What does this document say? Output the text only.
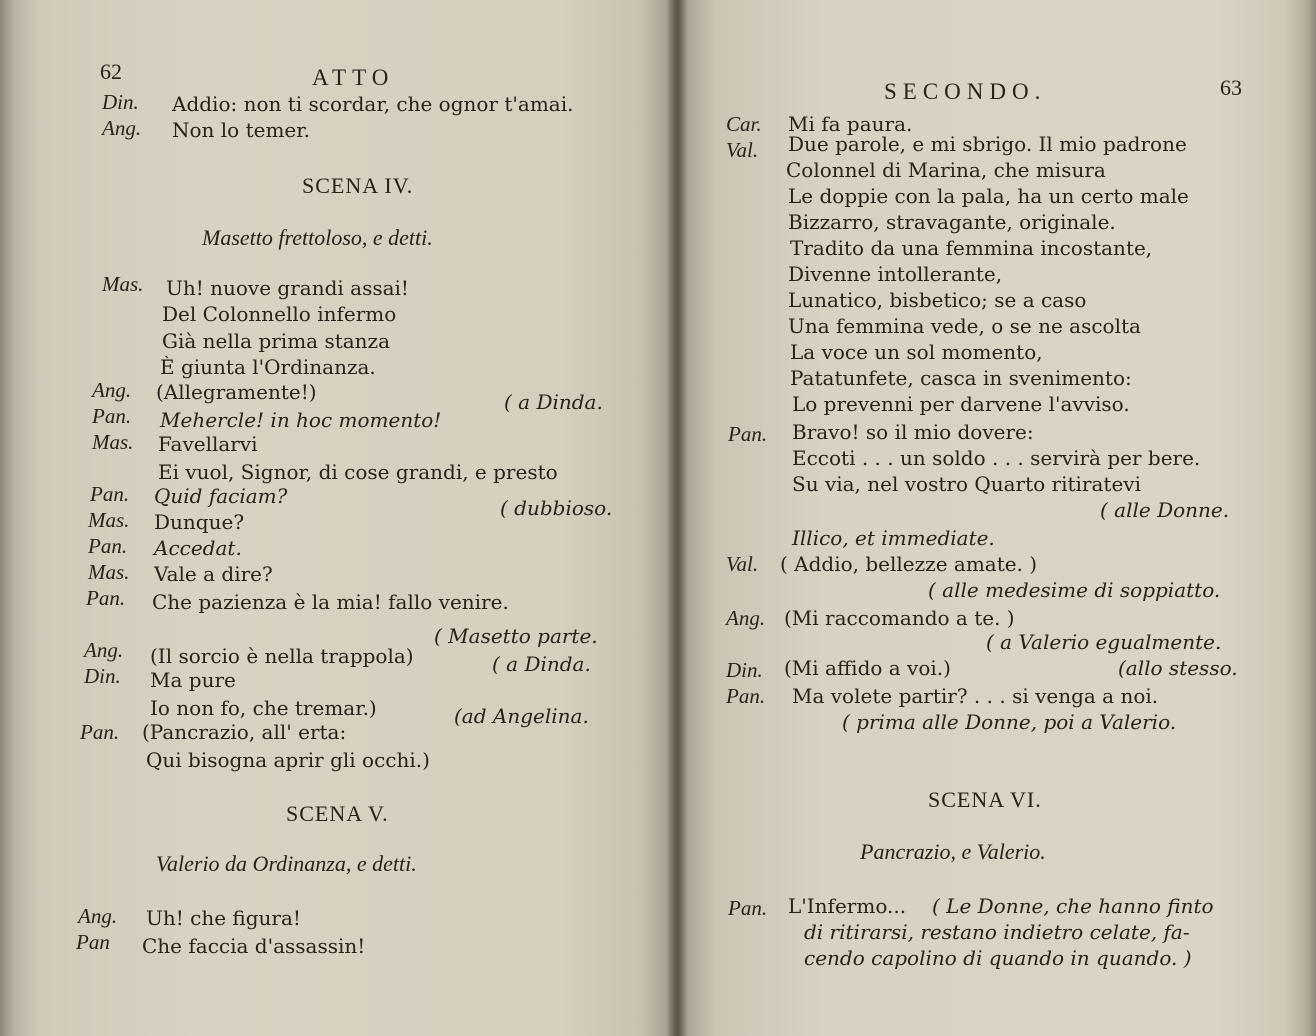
62	ATTO
Din. Addio: non ti scordar, che ognor t'amai.
Ang. Non lo temer.
SCENA IV.
Masetto frettoloso, e detti.
Mas. Uh! nuove grandi assai!
Del Colonnello infermo
Già nella prima stanza
È giunta l'Ordinanza.
Ang. (Allegramente!)	( a Dinda.
Pan. Mehercle! in hoc momento!
Mas. Favellarvi
Ei vuol, Signor, di cose grandi, e presto
Pan. Quid faciam?	( dubbioso.
Mas. Dunque?
Pan. Accedat.
Mas. Vale a dire?
Pan. Che pazienza è la mia! fallo venire.
( Masetto parte.
Ang. (Il sorcio è nella trappola)	( a Dinda.
Din. Ma pure
Io non fo, che tremar.)	(ad Angelina.
Pan. (Pancrazio, all' erta:
Qui bisogna aprir gli occhi.)
SCENA V.
Valerio da Ordinanza, e detti.
Ang. Uh! che figura!
Pan Che faccia d'assassin!
SECONDO.	63
Car. Mi fa paura.
Val. Due parole, e mi sbrigo. Il mio padrone
Colonnel di Marina, che misura
Le doppie con la pala, ha un certo male
Bizzarro, stravagante, originale.
Tradito da una femmina incostante,
Divenne intollerante,
Lunatico, bisbetico; se a caso
Una femmina vede, o se ne ascolta
La voce un sol momento,
Patatunfete, casca in svenimento:
Lo prevenni per darvene l'avviso.
Pan. Bravo! so il mio dovere:
Eccoti . . . un soldo . . . servirà per bere.
Su via, nel vostro Quarto ritiratevi
( alle Donne.
Illico, et immediate.
Val. ( Addio, bellezze amate. )
( alle medesime di soppiatto.
Ang. (Mi raccomando a te. )
( a Valerio egualmente.
Din. (Mi affido a voi.)	(allo stesso.
Pan. Ma volete partir? . . . si venga a noi.
( prima alle Donne, poi a Valerio.
SCENA VI.
Pancrazio, e Valerio.
Pan. L'Infermo... ( Le Donne, che hanno finto
di ritirarsi, restano indietro celate, fa-
cendo capolino di quando in quando. )
